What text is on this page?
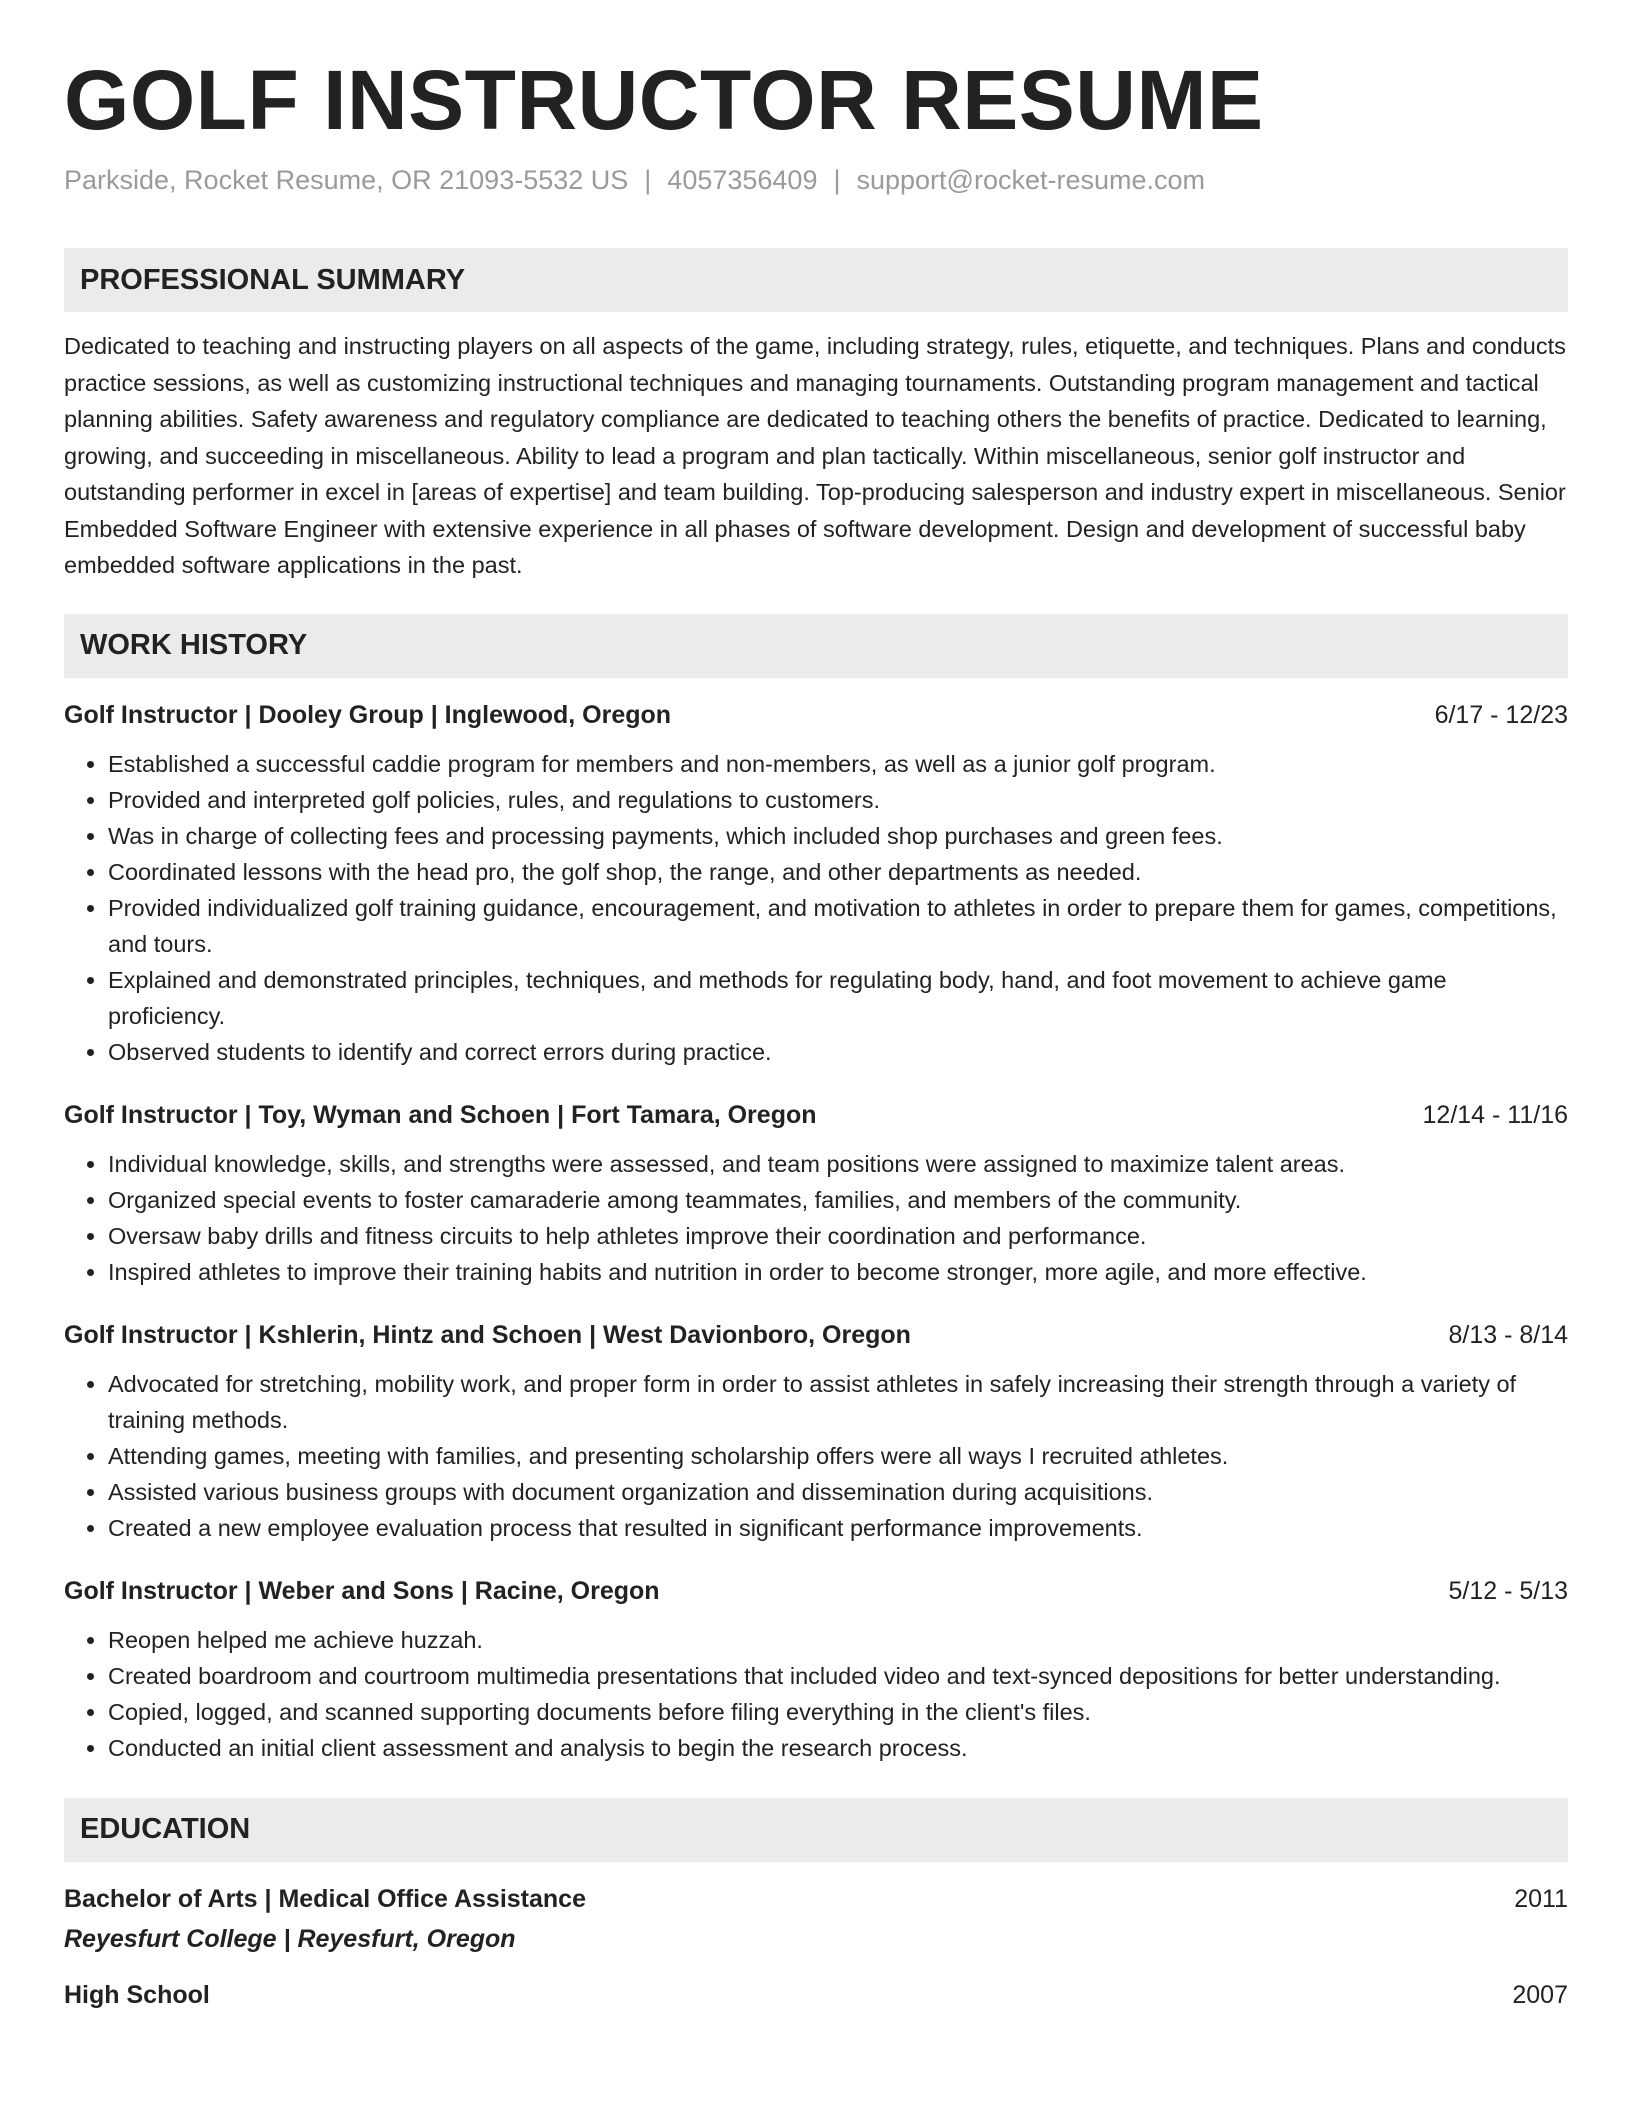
GOLF INSTRUCTOR RESUME
Parkside, Rocket Resume, OR 21093-5532 US | 4057356409 | support@rocket-resume.com
PROFESSIONAL SUMMARY
Dedicated to teaching and instructing players on all aspects of the game, including strategy, rules, etiquette, and techniques. Plans and conducts practice sessions, as well as customizing instructional techniques and managing tournaments. Outstanding program management and tactical planning abilities. Safety awareness and regulatory compliance are dedicated to teaching others the benefits of practice. Dedicated to learning, growing, and succeeding in miscellaneous. Ability to lead a program and plan tactically. Within miscellaneous, senior golf instructor and outstanding performer in excel in [areas of expertise] and team building. Top-producing salesperson and industry expert in miscellaneous. Senior Embedded Software Engineer with extensive experience in all phases of software development. Design and development of successful baby embedded software applications in the past.
WORK HISTORY
Golf Instructor | Dooley Group | Inglewood, Oregon	6/17 - 12/23
• Established a successful caddie program for members and non-members, as well as a junior golf program.
• Provided and interpreted golf policies, rules, and regulations to customers.
• Was in charge of collecting fees and processing payments, which included shop purchases and green fees.
• Coordinated lessons with the head pro, the golf shop, the range, and other departments as needed.
• Provided individualized golf training guidance, encouragement, and motivation to athletes in order to prepare them for games, competitions, and tours.
• Explained and demonstrated principles, techniques, and methods for regulating body, hand, and foot movement to achieve game proficiency.
• Observed students to identify and correct errors during practice.
Golf Instructor | Toy, Wyman and Schoen | Fort Tamara, Oregon	12/14 - 11/16
• Individual knowledge, skills, and strengths were assessed, and team positions were assigned to maximize talent areas.
• Organized special events to foster camaraderie among teammates, families, and members of the community.
• Oversaw baby drills and fitness circuits to help athletes improve their coordination and performance.
• Inspired athletes to improve their training habits and nutrition in order to become stronger, more agile, and more effective.
Golf Instructor | Kshlerin, Hintz and Schoen | West Davionboro, Oregon	8/13 - 8/14
• Advocated for stretching, mobility work, and proper form in order to assist athletes in safely increasing their strength through a variety of training methods.
• Attending games, meeting with families, and presenting scholarship offers were all ways I recruited athletes.
• Assisted various business groups with document organization and dissemination during acquisitions.
• Created a new employee evaluation process that resulted in significant performance improvements.
Golf Instructor | Weber and Sons | Racine, Oregon	5/12 - 5/13
• Reopen helped me achieve huzzah.
• Created boardroom and courtroom multimedia presentations that included video and text-synced depositions for better understanding.
• Copied, logged, and scanned supporting documents before filing everything in the client's files.
• Conducted an initial client assessment and analysis to begin the research process.
EDUCATION
Bachelor of Arts | Medical Office Assistance	2011
Reyesfurt College | Reyesfurt, Oregon
High School	2007
